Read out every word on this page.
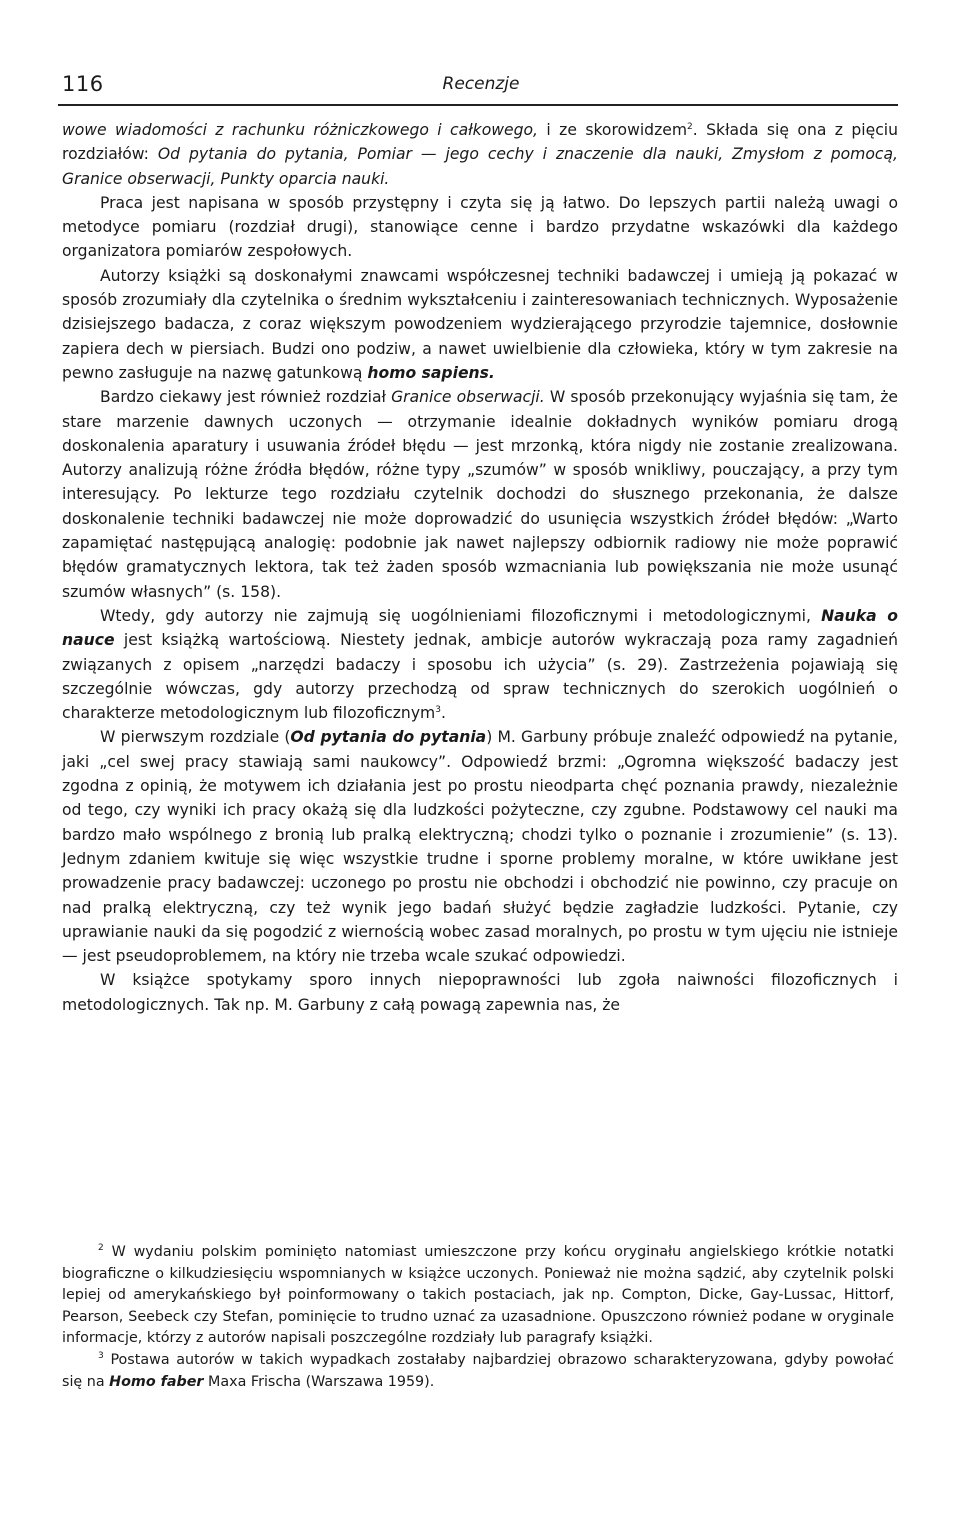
116	Recenzje

wowe wiadomości z rachunku różniczkowego i całkowego, i ze skorowidzem$^2$. Składa się ona z pięciu rozdziałów: Od pytania do pytania, Pomiar — jego cechy i znaczenie dla nauki, Zmysłom z pomocą, Granice obserwacji, Punkty oparcia nauki.

Praca jest napisana w sposób przystępny i czyta się ją łatwo. Do lepszych partii należą uwagi o metodyce pomiaru (rozdział drugi), stanowiące cenne i bardzo przydatne wskazówki dla każdego organizatora pomiarów zespołowych.

Autorzy książki są doskonałymi znawcami współczesnej techniki badawczej i umieją ją pokazać w sposób zrozumiały dla czytelnika o średnim wykształceniu i zainteresowaniach technicznych. Wyposażenie dzisiejszego badacza, z coraz większym powodzeniem wydzierającego przyrodzie tajemnice, dosłownie zapiera dech w piersiach. Budzi ono podziw, a nawet uwielbienie dla człowieka, który w tym zakresie na pewno zasługuje na nazwę gatunkową homo sapiens.

Bardzo ciekawy jest również rozdział Granice obserwacji. W sposób przekonujący wyjaśnia się tam, że stare marzenie dawnych uczonych — otrzymanie idealnie dokładnych wyników pomiaru drogą doskonalenia aparatury i usuwania źródeł błędu — jest mrzonką, która nigdy nie zostanie zrealizowana. Autorzy analizują różne źródła błędów, różne typy „szumów” w sposób wnikliwy, pouczający, a przy tym interesujący. Po lekturze tego rozdziału czytelnik dochodzi do słusznego przekonania, że dalsze doskonalenie techniki badawczej nie może doprowadzić do usunięcia wszystkich źródeł błędów: „Warto zapamiętać następującą analogię: podobnie jak nawet najlepszy odbiornik radiowy nie może poprawić błędów gramatycznych lektora, tak też żaden sposób wzmacniania lub powiększania nie może usunąć szumów własnych” (s. 158).

Wtedy, gdy autorzy nie zajmują się uogólnieniami filozoficznymi i metodologicznymi, Nauka o nauce jest książką wartościową. Niestety jednak, ambicje autorów wykraczają poza ramy zagadnień związanych z opisem „narzędzi badaczy i sposobu ich użycia” (s. 29). Zastrzeżenia pojawiają się szczególnie wówczas, gdy autorzy przechodzą od spraw technicznych do szerokich uogólnień o charakterze metodologicznym lub filozoficznym$^3$.

W pierwszym rozdziale (Od pytania do pytania) M. Garbuny próbuje znaleźć odpowiedź na pytanie, jaki „cel swej pracy stawiają sami naukowcy”. Odpowiedź brzmi: „Ogromna większość badaczy jest zgodna z opinią, że motywem ich działania jest po prostu nieodparta chęć poznania prawdy, niezależnie od tego, czy wyniki ich pracy okażą się dla ludzkości pożyteczne, czy zgubne. Podstawowy cel nauki ma bardzo mało wspólnego z bronią lub pralką elektryczną; chodzi tylko o poznanie i zrozumienie” (s. 13). Jednym zdaniem kwituje się więc wszystkie trudne i sporne problemy moralne, w które uwikłane jest prowadzenie pracy badawczej: uczonego po prostu nie obchodzi i obchodzić nie powinno, czy pracuje on nad pralką elektryczną, czy też wynik jego badań służyć będzie zagładzie ludzkości. Pytanie, czy uprawianie nauki da się pogodzić z wiernością wobec zasad moralnych, po prostu w tym ujęciu nie istnieje — jest pseudoproblemem, na który nie trzeba wcale szukać odpowiedzi.

W książce spotykamy sporo innych niepoprawności lub zgoła naiwności filozoficznych i metodologicznych. Tak np. M. Garbuny z całą powagą zapewnia nas, że

$^2$ W wydaniu polskim pominięto natomiast umieszczone przy końcu oryginału angielskiego krótkie notatki biograficzne o kilkudziesięciu wspomnianych w książce uczonych. Ponieważ nie można sądzić, aby czytelnik polski lepiej od amerykańskiego był poinformowany o takich postaciach, jak np. Compton, Dicke, Gay-Lussac, Hittorf, Pearson, Seebeck czy Stefan, pominięcie to trudno uznać za uzasadnione. Opuszczono również podane w oryginale informacje, którzy z autorów napisali poszczególne rozdziały lub paragrafy książki.

$^3$ Postawa autorów w takich wypadkach zostałaby najbardziej obrazowo scharakteryzowana, gdyby powołać się na Homo faber Maxa Frischa (Warszawa 1959).
